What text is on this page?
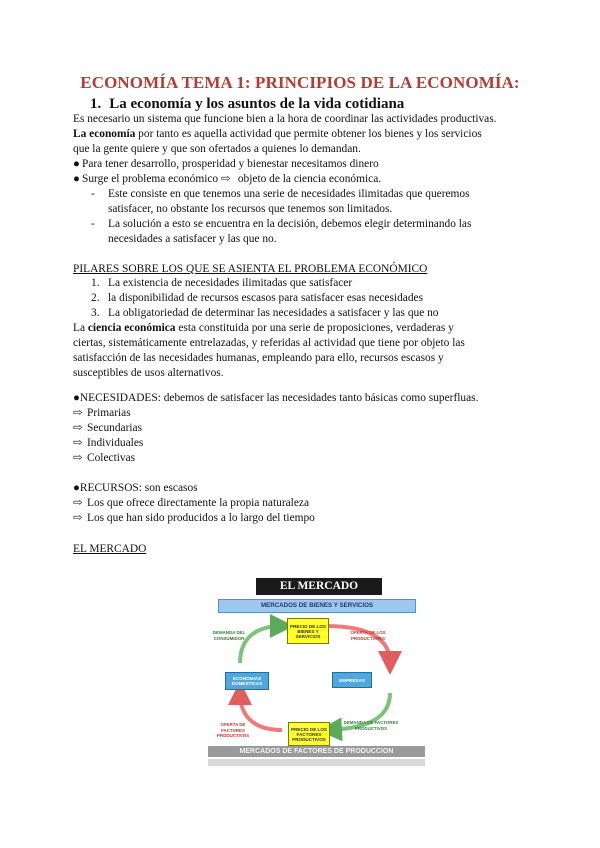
ECONOMÍA TEMA 1: PRINCIPIOS DE LA ECONOMÍA:
1. La economía y los asuntos de la vida cotidiana
Es necesario un sistema que funcione bien a la hora de coordinar las actividades productivas.
La economía por tanto es aquella actividad que permite obtener los bienes y los servicios
que la gente quiere y que son ofertados a quienes lo demandan.
● Para tener desarrollo, prosperidad y bienestar necesitamos dinero
● Surge el problema económico ⇨ objeto de la ciencia económica.
- Este consiste en que tenemos una serie de necesidades ilimitadas que queremos
satisfacer, no obstante los recursos que tenemos son limitados.
- La solución a esto se encuentra en la decisión, debemos elegir determinando las
necesidades a satisfacer y las que no.
PILARES SOBRE LOS QUE SE ASIENTA EL PROBLEMA ECONÓMICO
1. La existencia de necesidades ilimitadas que satisfacer
2. la disponibilidad de recursos escasos para satisfacer esas necesidades
3. La obligatoriedad de determinar las necesidades a satisfacer y las que no
La ciencia económica esta constituida por una serie de proposiciones, verdaderas y
ciertas, sistemáticamente entrelazadas, y referidas al actividad que tiene por objeto las
satisfacción de las necesidades humanas, empleando para ello, recursos escasos y
susceptibles de usos alternativos.
●NECESIDADES: debemos de satisfacer las necesidades tanto básicas como superfluas.
⇨ Primarias
⇨ Secundarias
⇨ Individuales
⇨ Colectivas
●RECURSOS: son escasos
⇨ Los que ofrece directamente la propia naturaleza
⇨ Los que han sido producidos a lo largo del tiempo
EL MERCADO
EL MERCADO
MERCADOS DE BIENES Y SERVICIOS
PRECIO DE LOS BIENES Y SERVICIOS
PRECIO DE LOS FACTORES PRODUCTIVOS
ECONOMIAS DOMESTICAS
EMPRESAS
DEMANDA DEL CONSUMIDOR
OFERTA DE LOS PRODUCTORES
OFERTA DE FACTORES PRODUCTIVOS
DEMANDA DE FACTORES PRODUCTIVOS
MERCADOS DE FACTORES DE PRODUCCION
